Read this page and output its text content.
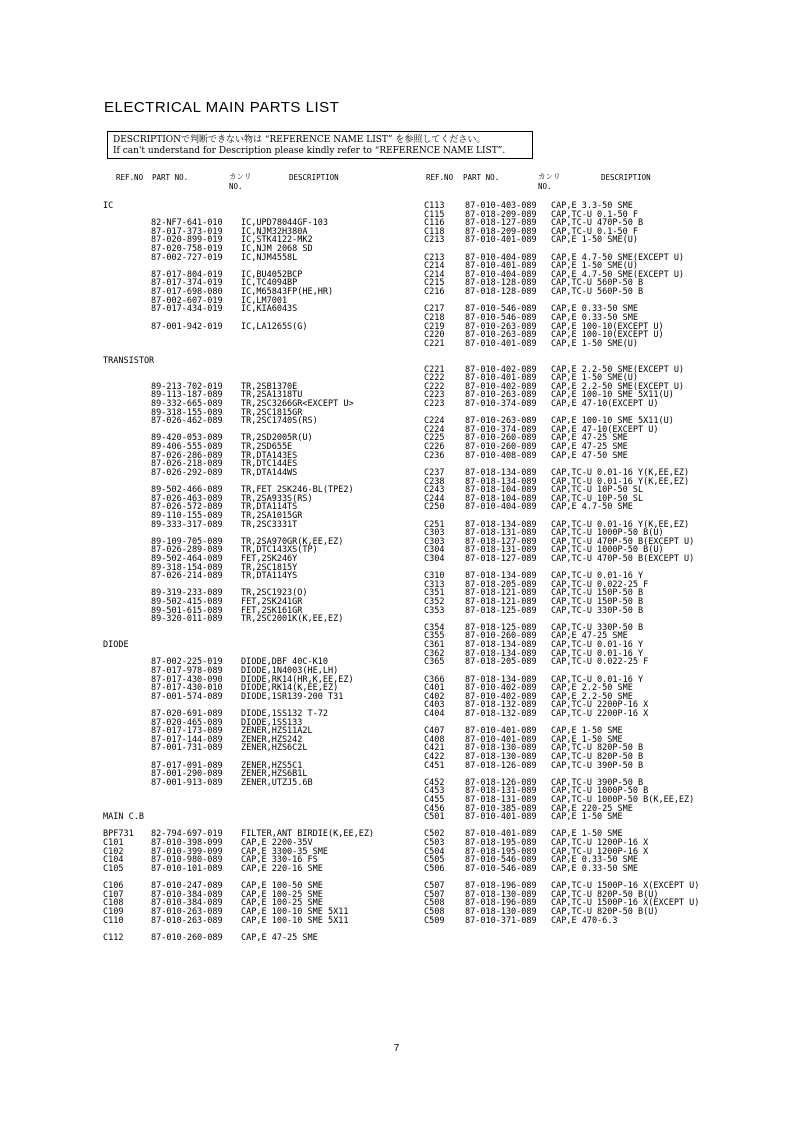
ELECTRICAL MAIN PARTS LIST
DESCRIPTIONで判断できない物は “REFERENCE NAME LIST” を参照してください。
If can't understand for Description please kindly refer to “REFERENCE NAME LIST”.
REF.NO PART NO.	カンリ
NO.
DESCRIPTION	REF.NO PART NO.	カンリ
NO.
DESCRIPTION
IC
82-NF7-641-010 IC,UPD78044GF-103
87-017-373-019 IC,NJM32H380A
87-020-899-019 IC,STK4122-MK2
87-020-758-019 IC,NJM 2068 SD
87-002-727-019 IC,NJM4558L
87-017-804-019 IC,BU4052BCP
87-017-374-019 IC,TC4094BP
87-017-698-080 IC,M65843FP(HE,HR)
87-002-607-019 IC,LM7001
87-017-434-019 IC,KIA6043S
87-001-942-019 IC,LA1265S(G)
TRANSISTOR
89-213-702-019 TR,2SB1370E
89-113-187-089 TR,2SA1318TU
89-332-665-089 TR,2SC3266GR<EXCEPT U>
89-318-155-089 TR,2SC1815GR
87-026-462-089 TR,2SC1740S(RS)
89-420-053-089 TR,2SD2005R(U)
89-406-555-089 TR,2SD655E
87-026-286-089 TR,DTA143ES
87-026-218-089 TR,DTC144ES
87-026-292-089 TR,DTA144WS
89-502-466-089 TR,FET 2SK246-BL(TPE2)
87-026-463-089 TR,2SA933S(RS)
87-026-572-089 TR,DTA114TS
89-110-155-089 TR,2SA1015GR
89-333-317-089 TR,2SC3331T
89-109-705-089 TR,2SA970GR(K,EE,EZ)
87-026-289-089 TR,DTC143XS(TP)
89-502-464-089 FET,2SK246Y
89-318-154-089 TR,2SC1815Y
87-026-214-089 TR,DTA114YS
89-319-233-089 TR,2SC1923(O)
89-502-415-089 FET,2SK241GR
89-501-615-089 FET,2SK161GR
89-320-011-089 TR,2SC2001K(K,EE,EZ)
DIODE
87-002-225-019 DIODE,DBF 40C-K10
87-017-978-089 DIODE,1N4003(HE,LH)
87-017-430-090 DIODE,RK14(HR,K,EE,EZ)
87-017-430-010 DIODE,RK14(K,EE,EZ)
87-001-574-089 DIODE,1SR139-200 T31
87-020-691-089 DIODE,1SS132 T-72
87-020-465-089 DIODE,1SS133
87-017-173-089 ZENER,HZS11A2L
87-017-144-089 ZENER,HZS242
87-001-731-089 ZENER,HZS6C2L
87-017-091-089 ZENER,HZS5C1
87-001-290-089 ZENER,HZS6B1L
87-001-913-089 ZENER,UTZJ5.6B
MAIN C.B
BPF731 82-794-697-019 FILTER,ANT BIRDIE(K,EE,EZ)
C101	87-010-398-099 CAP,E 2200-35V
C102	87-010-399-099 CAP,E 3300-35 SME
C104	87-010-980-089 CAP,E 330-16 FS
C105	87-010-101-089 CAP,E 220-16 SME
C106	87-010-247-089 CAP,E 100-50 SME
C107	87-010-384-089 CAP,E 100-25 SME
C108	87-010-384-089 CAP,E 100-25 SME
C109	87-010-263-089 CAP,E 100-10 SME 5X11
C110	87-010-263-089 CAP,E 100-10 SME 5X11
C112	87-010-260-089 CAP,E 47-25 SME
C113 87-010-403-089 CAP,E 3.3-50 SME
C115 87-018-209-089 CAP,TC-U 0.1-50 F
C116 87-018-127-089 CAP,TC-U 470P-50 B
C118 87-018-209-089 CAP,TC-U 0.1-50 F
C213 87-010-401-089 CAP,E 1-50 SME(U)
C213 87-010-404-089 CAP,E 4.7-50 SME(EXCEPT U)
C214 87-010-401-089 CAP,E 1-50 SME(U)
C214 87-010-404-089 CAP,E 4.7-50 SME(EXCEPT U)
C215 87-018-128-089 CAP,TC-U 560P-50 B
C216 87-018-128-089 CAP,TC-U 560P-50 B
C217 87-010-546-089 CAP,E 0.33-50 SME
C218 87-010-546-089 CAP,E 0.33-50 SME
C219 87-010-263-089 CAP,E 100-10(EXCEPT U)
C220 87-010-263-089 CAP,E 100-10(EXCEPT U)
C221 87-010-401-089 CAP,E 1-50 SME(U)
C221 87-010-402-089 CAP,E 2.2-50 SME(EXCEPT U)
C222 87-010-401-089 CAP,E 1-50 SME(U)
C222 87-010-402-089 CAP,E 2.2-50 SME(EXCEPT U)
C223 87-010-263-089 CAP,E 100-10 SME 5X11(U)
C223 87-010-374-089 CAP,E 47-10(EXCEPT U)
C224 87-010-263-089 CAP,E 100-10 SME 5X11(U)
C224 87-010-374-089 CAP,E 47-10(EXCEPT U)
C225 87-010-260-089 CAP,E 47-25 SME
C226 87-010-260-089 CAP,E 47-25 SME
C236 87-010-408-089 CAP,E 47-50 SME
C237 87-018-134-089 CAP,TC-U 0.01-16 Y(K,EE,EZ)
C238 87-018-134-089 CAP,TC-U 0.01-16 Y(K,EE,EZ)
C243 87-018-104-089 CAP,TC-U 10P-50 SL
C244 87-018-104-089 CAP,TC-U 10P-50 SL
C250 87-010-404-089 CAP,E 4.7-50 SME
C251 87-018-134-089 CAP,TC-U 0.01-16 Y(K,EE,EZ)
C303 87-018-131-089 CAP,TC-U 1000P-50 B(U)
C303 87-018-127-089 CAP,TC-U 470P-50 B(EXCEPT U)
C304 87-018-131-089 CAP,TC-U 1000P-50 B(U)
C304 87-018-127-089 CAP,TC-U 470P-50 B(EXCEPT U)
C310 87-018-134-089 CAP,TC-U 0.01-16 Y
C313 87-018-205-089 CAP,TC-U 0.022-25 F
C351 87-018-121-089 CAP,TC-U 150P-50 B
C352 87-018-121-089 CAP,TC-U 150P-50 B
C353 87-018-125-089 CAP,TC-U 330P-50 B
C354 87-018-125-089 CAP,TC-U 330P-50 B
C355 87-010-260-089 CAP,E 47-25 SME
C361 87-018-134-089 CAP,TC-U 0.01-16 Y
C362 87-018-134-089 CAP,TC-U 0.01-16 Y
C365 87-018-205-089 CAP,TC-U 0.022-25 F
C366 87-018-134-089 CAP,TC-U 0.01-16 Y
C401 87-010-402-089 CAP,E 2.2-50 SME
C402 87-010-402-089 CAP,E 2.2-50 SME
C403 87-018-132-089 CAP,TC-U 2200P-16 X
C404 87-018-132-089 CAP,TC-U 2200P-16 X
C407 87-010-401-089 CAP,E 1-50 SME
C408 87-010-401-089 CAP,E 1-50 SME
C421 87-018-130-089 CAP,TC-U 820P-50 B
C422 87-018-130-089 CAP,TC-U 820P-50 B
C451 87-018-126-089 CAP,TC-U 390P-50 B
C452 87-018-126-089 CAP,TC-U 390P-50 B
C453 87-018-131-089 CAP,TC-U 1000P-50 B
C455 87-018-131-089 CAP,TC-U 1000P-50 B(K,EE,EZ)
C456 87-010-385-089 CAP,E 220-25 SME
C501 87-010-401-089 CAP,E 1-50 SME
C502 87-010-401-089 CAP,E 1-50 SME
C503 87-018-195-089 CAP,TC-U 1200P-16 X
C504 87-018-195-089 CAP,TC-U 1200P-16 X
C505 87-010-546-089 CAP,E 0.33-50 SME
C506 87-010-546-089 CAP,E 0.33-50 SME
C507 87-018-196-089 CAP,TC-U 1500P-16 X(EXCEPT U)
C507 87-018-130-089 CAP,TC-U 820P-50 B(U)
C508 87-018-196-089 CAP,TC-U 1500P-16 X(EXCEPT U)
C508 87-018-130-089 CAP,TC-U 820P-50 B(U)
C509 87-010-371-089 CAP,E 470-6.3
7
